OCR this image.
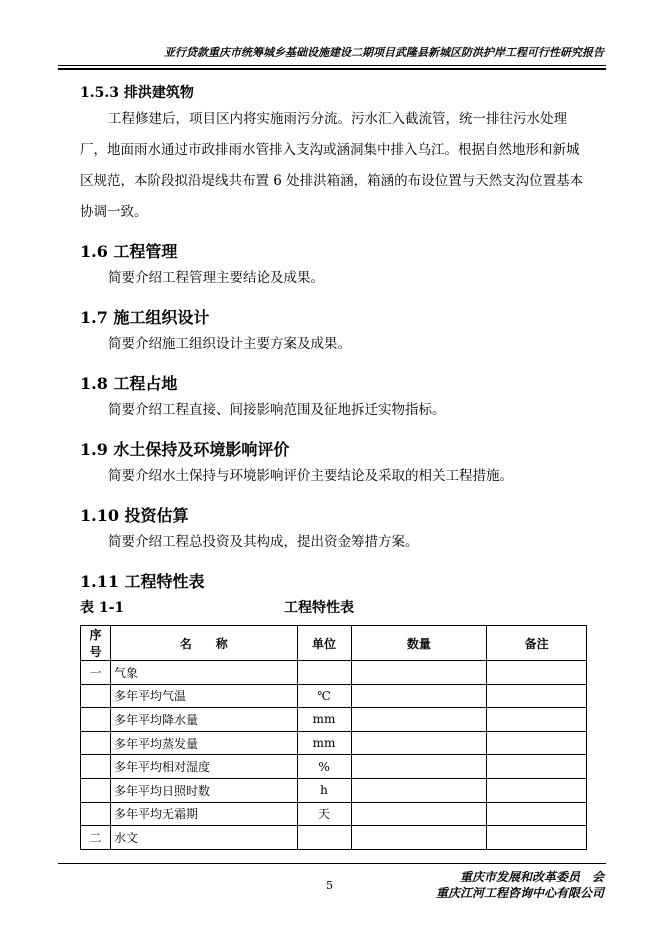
亚行贷款重庆市统筹城乡基础设施建设二期项目武隆县新城区防洪护岸工程可行性研究报告
1.5.3 排洪建筑物
工程修建后，项目区内将实施雨污分流。污水汇入截流管，统一排往污水处理厂，地面雨水通过市政排雨水管排入支沟或涵洞集中排入乌江。根据自然地形和新城区规范，本阶段拟沿堤线共布置 6 处排洪箱涵，箱涵的布设位置与天然支沟位置基本协调一致。
1.6 工程管理
简要介绍工程管理主要结论及成果。
1.7 施工组织设计
简要介绍施工组织设计主要方案及成果。
1.8 工程占地
简要介绍工程直接、间接影响范围及征地拆迁实物指标。
1.9 水土保持及环境影响评价
简要介绍水土保持与环境影响评价主要结论及采取的相关工程措施。
1.10 投资估算
简要介绍工程总投资及其构成，提出资金筹措方案。
1.11 工程特性表
表 1-1	工程特性表
序号	名　　称	单位	数量	备注
一	气象			
	多年平均气温	℃		
	多年平均降水量	mm		
	多年平均蒸发量	mm		
	多年平均相对湿度	%		
	多年平均日照时数	h		
	多年平均无霜期	天		
二	水文			
重庆市发展和改革委员　会
5
重庆江河工程咨询中心有限公司
